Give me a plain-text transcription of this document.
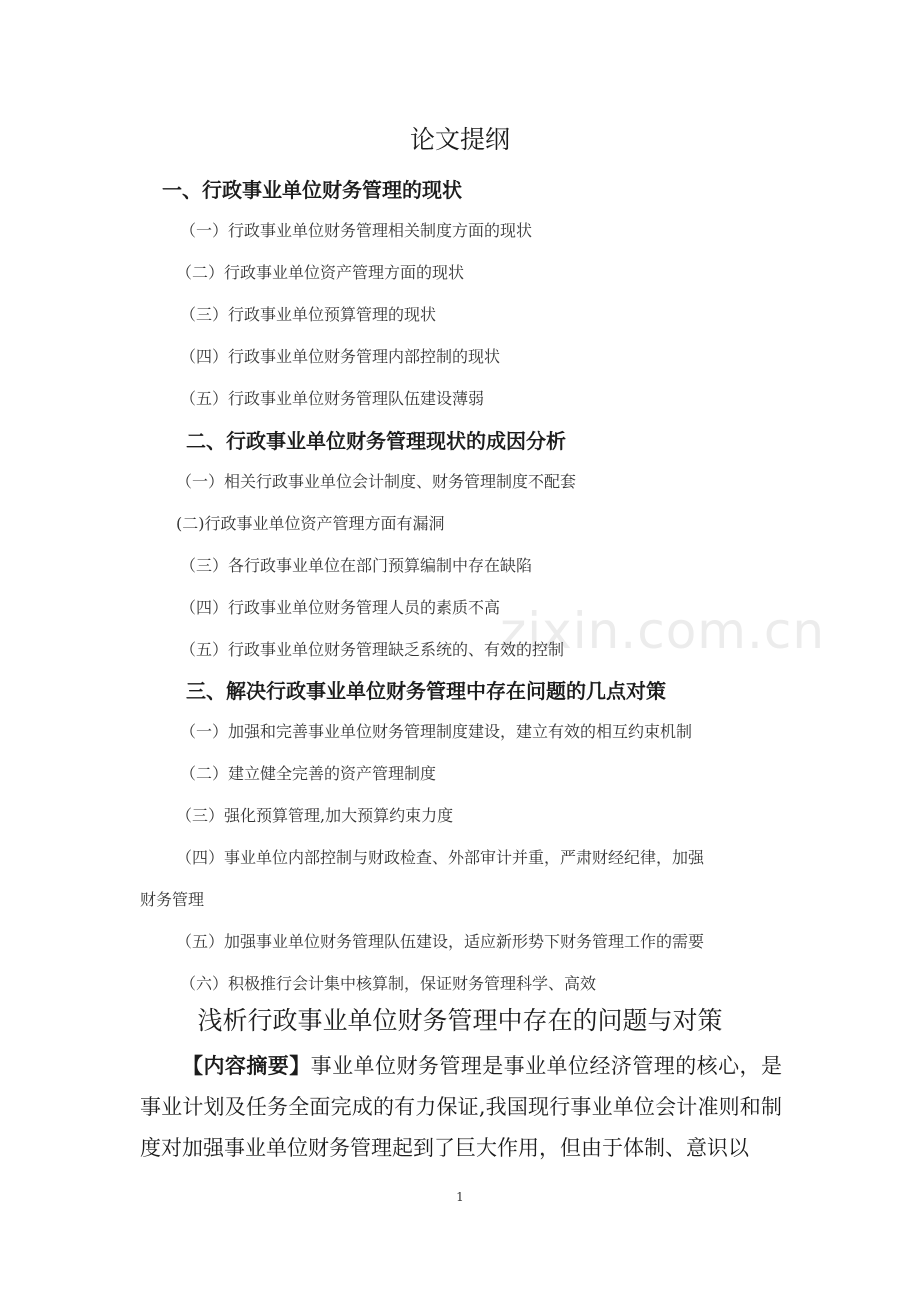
zixin.com.cn
论文提纲
一、行政事业单位财务管理的现状
（一）行政事业单位财务管理相关制度方面的现状
（二）行政事业单位资产管理方面的现状
（三）行政事业单位预算管理的现状
（四）行政事业单位财务管理内部控制的现状
（五）行政事业单位财务管理队伍建设薄弱
二、行政事业单位财务管理现状的成因分析
（一）相关行政事业单位会计制度、财务管理制度不配套
(二)行政事业单位资产管理方面有漏洞
（三）各行政事业单位在部门预算编制中存在缺陷
（四）行政事业单位财务管理人员的素质不高
（五）行政事业单位财务管理缺乏系统的、有效的控制
三、解决行政事业单位财务管理中存在问题的几点对策
（一）加强和完善事业单位财务管理制度建设，建立有效的相互约束机制
（二）建立健全完善的资产管理制度
（三）强化预算管理,加大预算约束力度
（四）事业单位内部控制与财政检查、外部审计并重，严肃财经纪律，加强
财务管理
（五）加强事业单位财务管理队伍建设，适应新形势下财务管理工作的需要
（六）积极推行会计集中核算制，保证财务管理科学、高效
浅析行政事业单位财务管理中存在的问题与对策
【内容摘要】事业单位财务管理是事业单位经济管理的核心，是事业计划及任务全面完成的有力保证,我国现行事业单位会计准则和制度对加强事业单位财务管理起到了巨大作用，但由于体制、意识以
1
